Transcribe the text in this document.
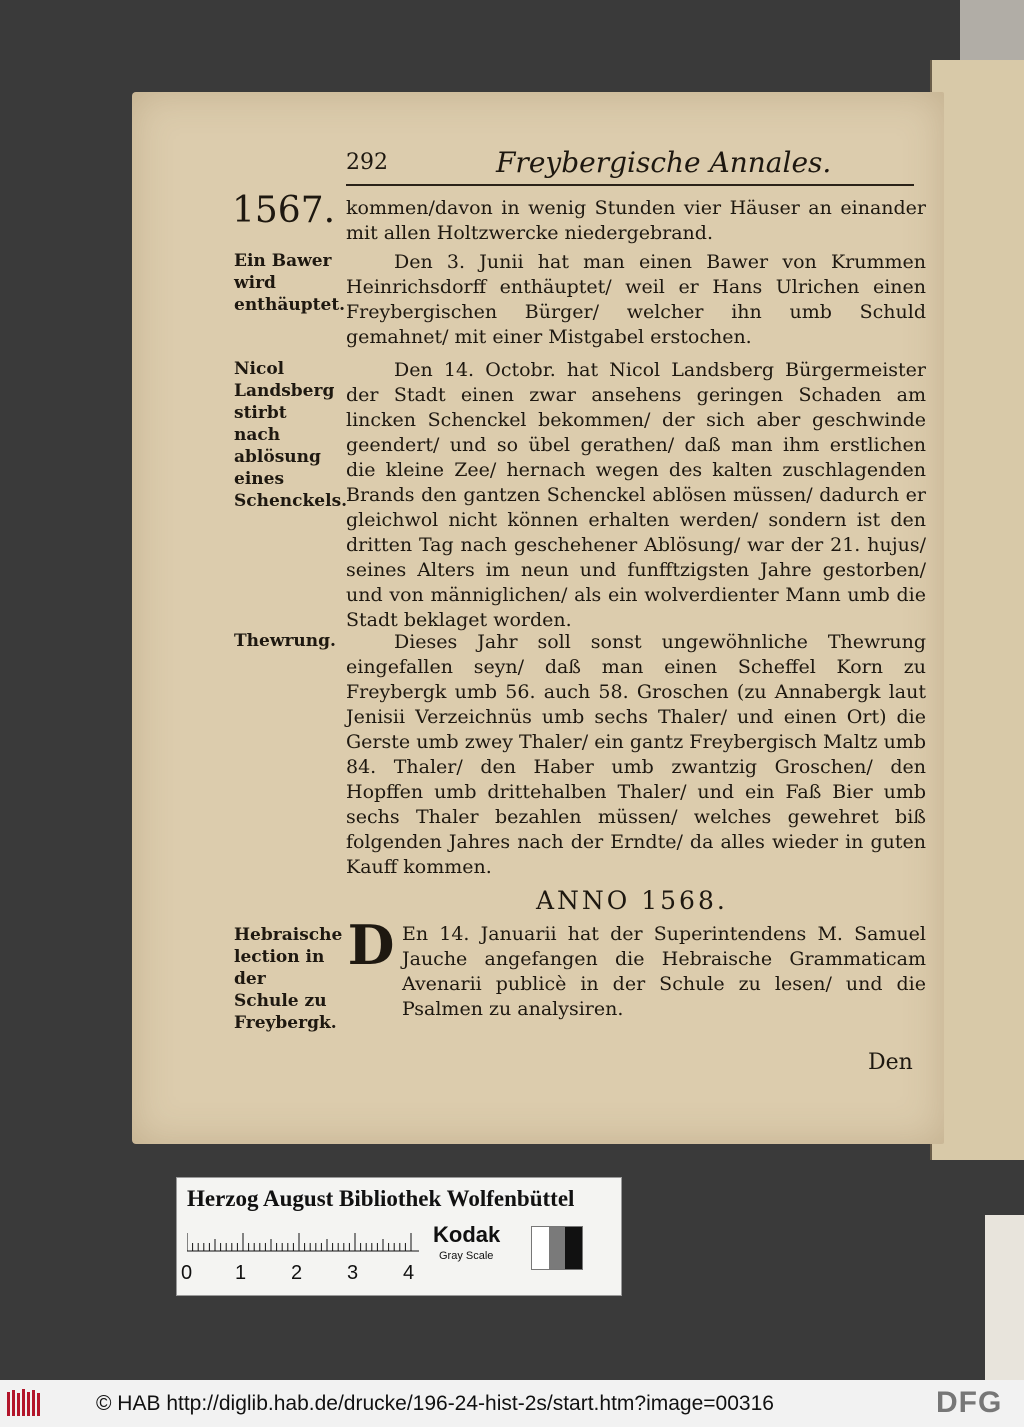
292	Freybergische Annales.
1567. kommen/davon in wenig Stunden vier Häuser an einander mit allen Holtzwercke niedergebrand.

Ein Bawer wird enthäuptet.

Den 3. Junii hat man einen Bawer von Krummen Heinrichsdorff enthäuptet/ weil er Hans Ulrichen einen Freybergischen Bürger/ welcher ihn umb Schuld gemahnet/ mit einer Mistgabel erstochen.

Nicol Landsberg stirbt nach ablösung eines Schenckels.

Den 14. Octobr. hat Nicol Landsberg Bürgermeister der Stadt einen zwar ansehens geringen Schaden am lincken Schenckel bekommen/ der sich aber geschwinde geendert/ und so übel gerathen/ daß man ihm erstlichen die kleine Zee/ hernach wegen des kalten zuschlagenden Brands den gantzen Schenckel ablösen müssen/ dadurch er gleichwol nicht können erhalten werden/ sondern ist den dritten Tag nach geschehener Ablösung/ war der 21. hujus/ seines Alters im neun und funfftzigsten Jahre gestorben/ und von männiglichen/ als ein wolverdienter Mann umb die Stadt beklaget worden.

Thewrung.	Dieses Jahr soll sonst ungewöhnliche Thewrung eingefallen seyn/ daß man einen Scheffel Korn zu Freybergk umb 56. auch 58. Groschen (zu Annabergk laut Jenisii Verzeichnüs umb sechs Thaler/ und einen Ort) die Gerste umb zwey Thaler/ ein gantz Freybergisch Maltz umb 84. Thaler/ den Haber umb zwantzig Groschen/ den Hopffen umb drittehalben Thaler/ und ein Faß Bier umb sechs Thaler bezahlen müssen/ welches gewehret biß folgenden Jahres nach der Erndte/ da alles wieder in guten Kauff kommen.

ANNO 1568.
Hebraische lection in der Schule zu Freybergk.
D En 14. Januarii hat der Superintendens M. Samuel Jauche angefangen die Hebraische Grammaticam Avenarii publicè in der Schule zu lesen/ und die Psalmen zu analysiren.

Den
Herzog August Bibliothek Wolfenbüttel
0 1 2 3 4
Kodak
Gray Scale
© HAB http://diglib.hab.de/drucke/196-24-hist-2s/start.htm?image=00316	DFG
